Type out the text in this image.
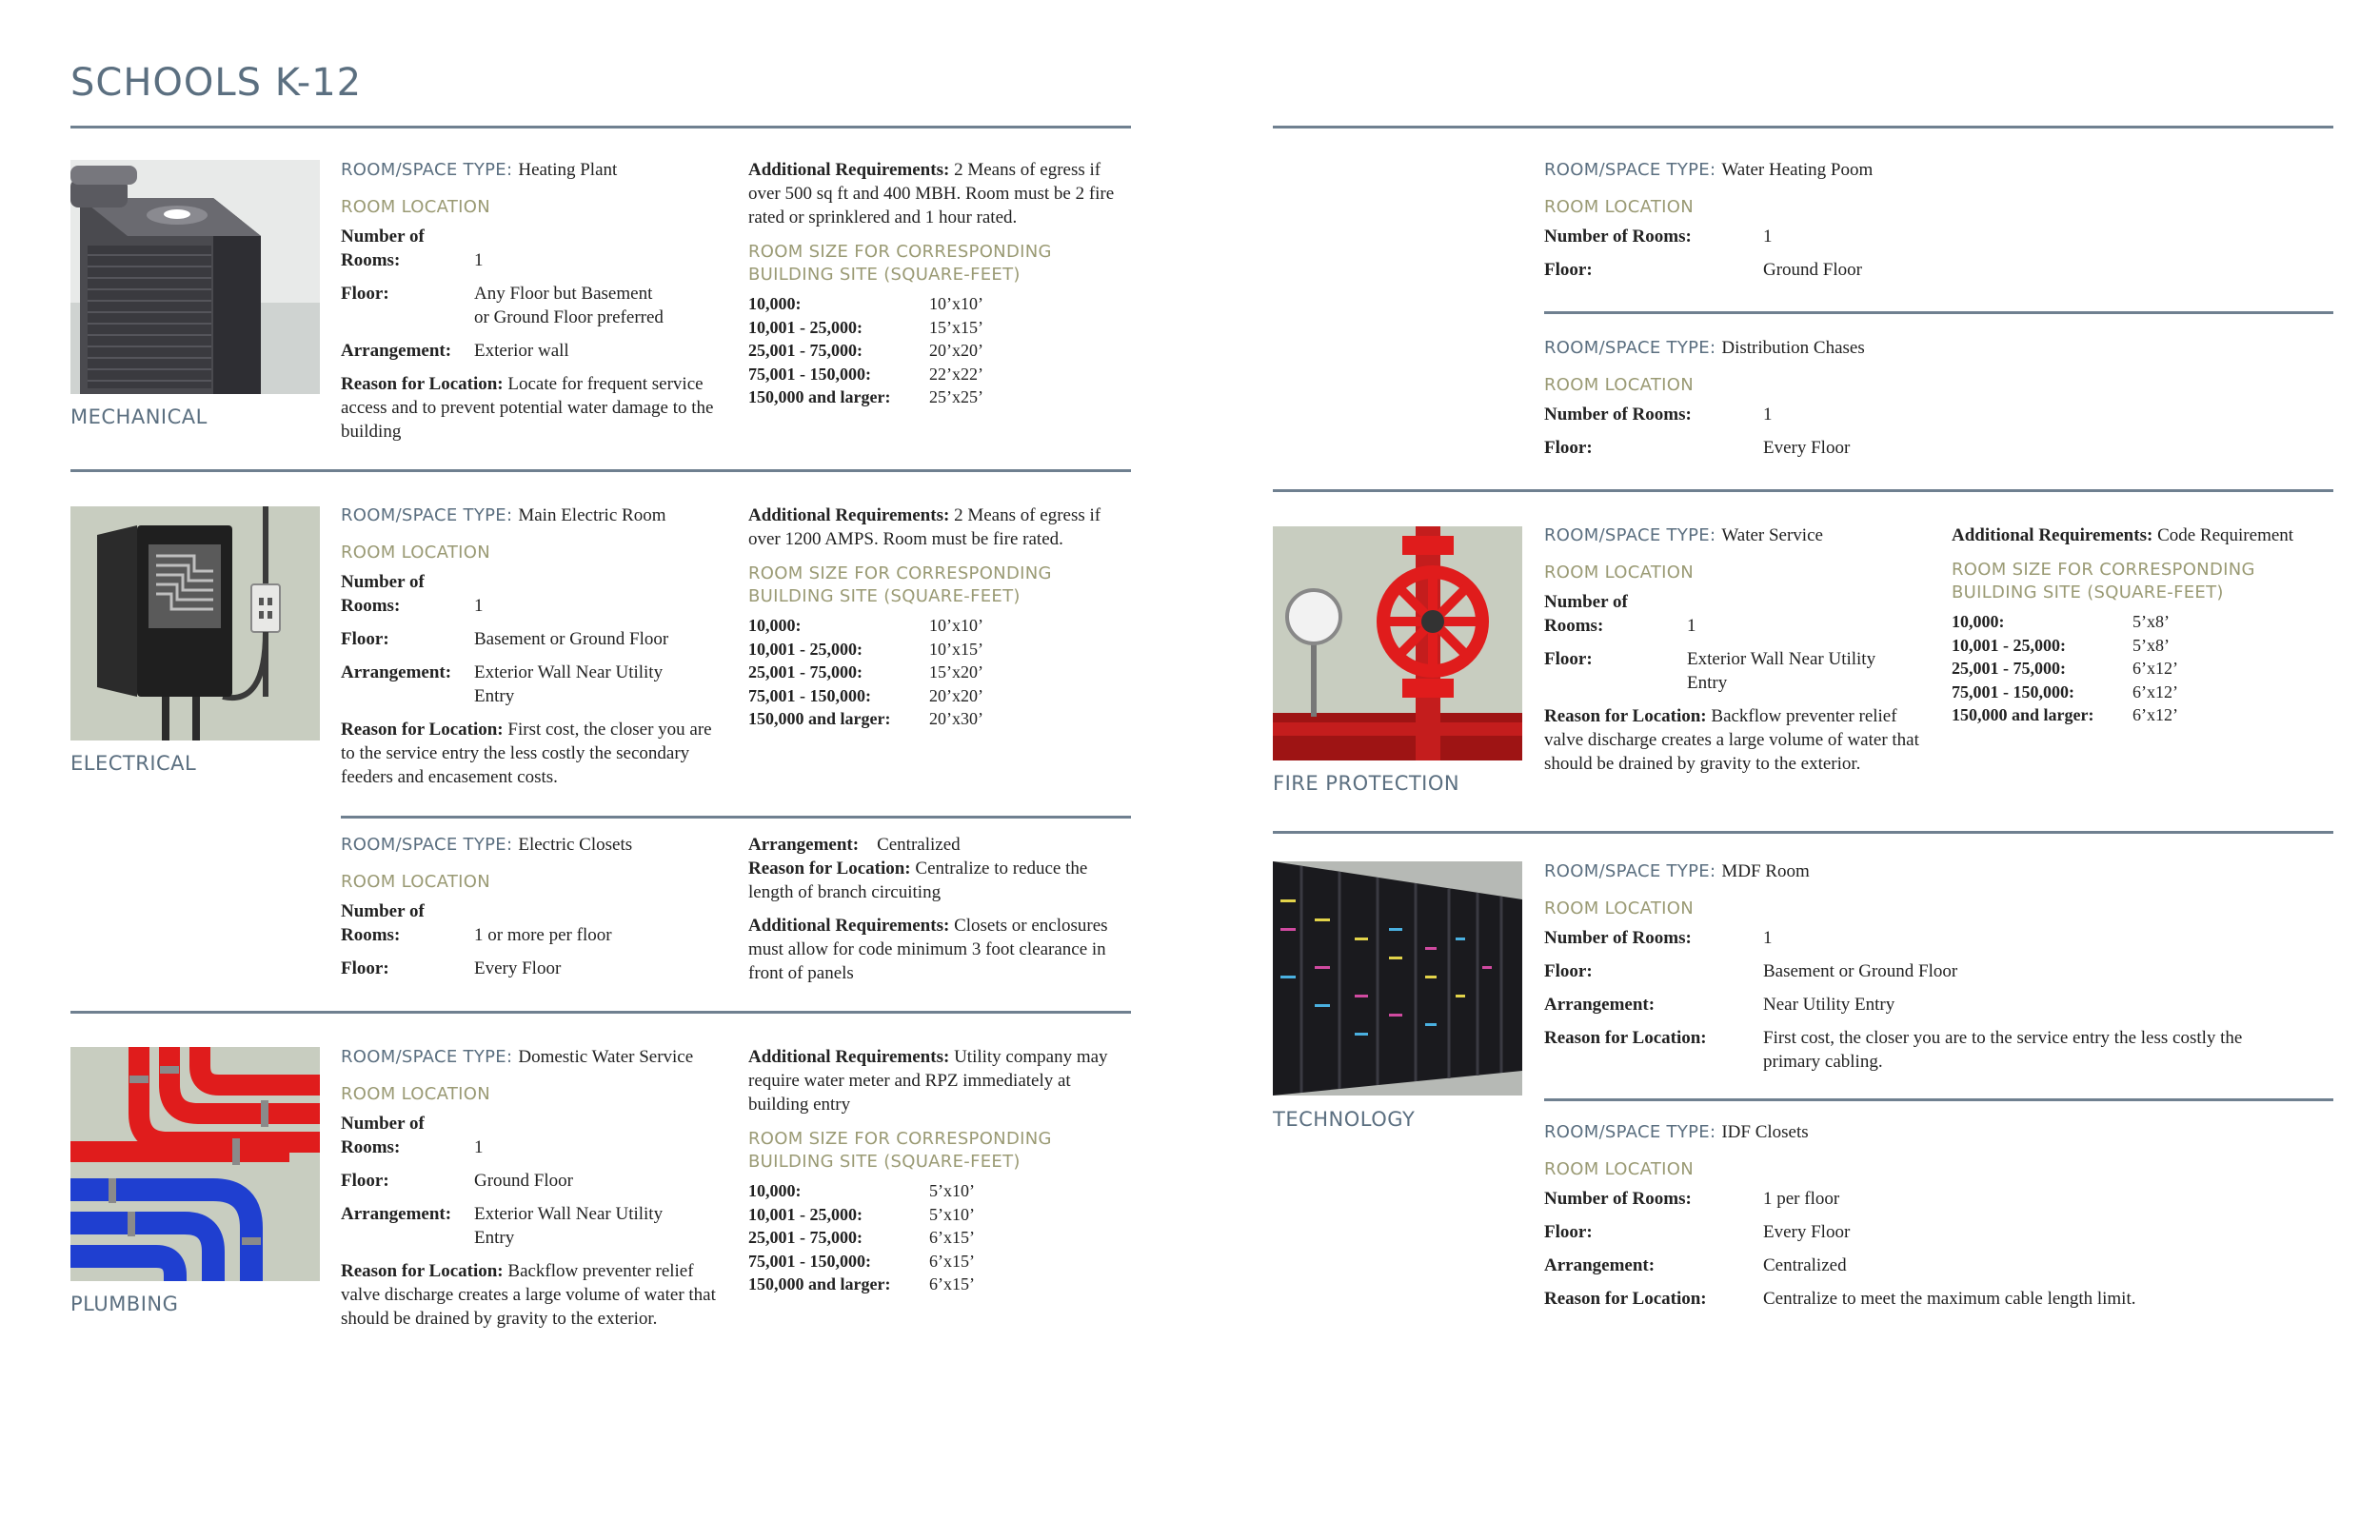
SCHOOLS K-12
MECHANICAL
ELECTRICAL
PLUMBING
FIRE PROTECTION
TECHNOLOGY
ROOM/SPACE TYPE: Heating Plant
ROOM LOCATION
Number of
Rooms:	1
Floor:	Any Floor but Basement
or Ground Floor preferred
Arrangement:	Exterior wall
Reason for Location: Locate for frequent service access and to prevent potential water damage to the building
Additional Requirements: 2 Means of egress if over 500 sq ft and 400 MBH. Room must be 2 fire rated or sprinklered and 1 hour rated.
ROOM SIZE FOR CORRESPONDING
BUILDING SITE (SQUARE-FEET)
10,000:	10’x10’
10,001 - 25,000:	15’x15’
25,001 - 75,000:	20’x20’
75,001 - 150,000:	22’x22’
150,000 and larger:	25’x25’
ROOM/SPACE TYPE: Main Electric Room
ROOM LOCATION
Number of
Rooms:	1
Floor:	Basement or Ground Floor
Arrangement:	Exterior Wall Near Utility
Entry
Reason for Location: First cost, the closer you are to the service entry the less costly the secondary feeders and encasement costs.
Additional Requirements: 2 Means of egress if over 1200 AMPS. Room must be fire rated.
ROOM SIZE FOR CORRESPONDING
BUILDING SITE (SQUARE-FEET)
10,000:	10’x10’
10,001 - 25,000:	10’x15’
25,001 - 75,000:	15’x20’
75,001 - 150,000:	20’x20’
150,000 and larger:	20’x30’
ROOM/SPACE TYPE: Electric Closets
ROOM LOCATION
Number of
Rooms:	1 or more per floor
Floor:	Every Floor
Arrangement: Centralized
Reason for Location: Centralize to reduce the length of branch circuiting
Additional Requirements: Closets or enclosures must allow for code minimum 3 foot clearance in front of panels
ROOM/SPACE TYPE: Domestic Water Service
ROOM LOCATION
Number of
Rooms:	1
Floor:	Ground Floor
Arrangement:	Exterior Wall Near Utility
Entry
Reason for Location: Backflow preventer relief valve discharge creates a large volume of water that should be drained by gravity to the exterior.
Additional Requirements: Utility company may require water meter and RPZ immediately at building entry
ROOM SIZE FOR CORRESPONDING
BUILDING SITE (SQUARE-FEET)
10,000:	5’x10’
10,001 - 25,000:	5’x10’
25,001 - 75,000:	6’x15’
75,001 - 150,000:	6’x15’
150,000 and larger:	6’x15’
ROOM/SPACE TYPE: Water Heating Poom
ROOM LOCATION
Number of Rooms:	1
Floor:	Ground Floor
ROOM/SPACE TYPE: Distribution Chases
ROOM LOCATION
Number of Rooms:	1
Floor:	Every Floor
ROOM/SPACE TYPE: Water Service
ROOM LOCATION
Number of
Rooms:	1
Floor:	Exterior Wall Near Utility
Entry
Reason for Location: Backflow preventer relief valve discharge creates a large volume of water that should be drained by gravity to the exterior.
Additional Requirements: Code Requirement
ROOM SIZE FOR CORRESPONDING
BUILDING SITE (SQUARE-FEET)
10,000:	5’x8’
10,001 - 25,000:	5’x8’
25,001 - 75,000:	6’x12’
75,001 - 150,000:	6’x12’
150,000 and larger:	6’x12’
ROOM/SPACE TYPE: MDF Room
ROOM LOCATION
Number of Rooms:	1
Floor:	Basement or Ground Floor
Arrangement:	Near Utility Entry
Reason for Location:	First cost, the closer you are to the service entry the less costly the
primary cabling.
ROOM/SPACE TYPE: IDF Closets
ROOM LOCATION
Number of Rooms:	1 per floor
Floor:	Every Floor
Arrangement:	Centralized
Reason for Location:	Centralize to meet the maximum cable length limit.
